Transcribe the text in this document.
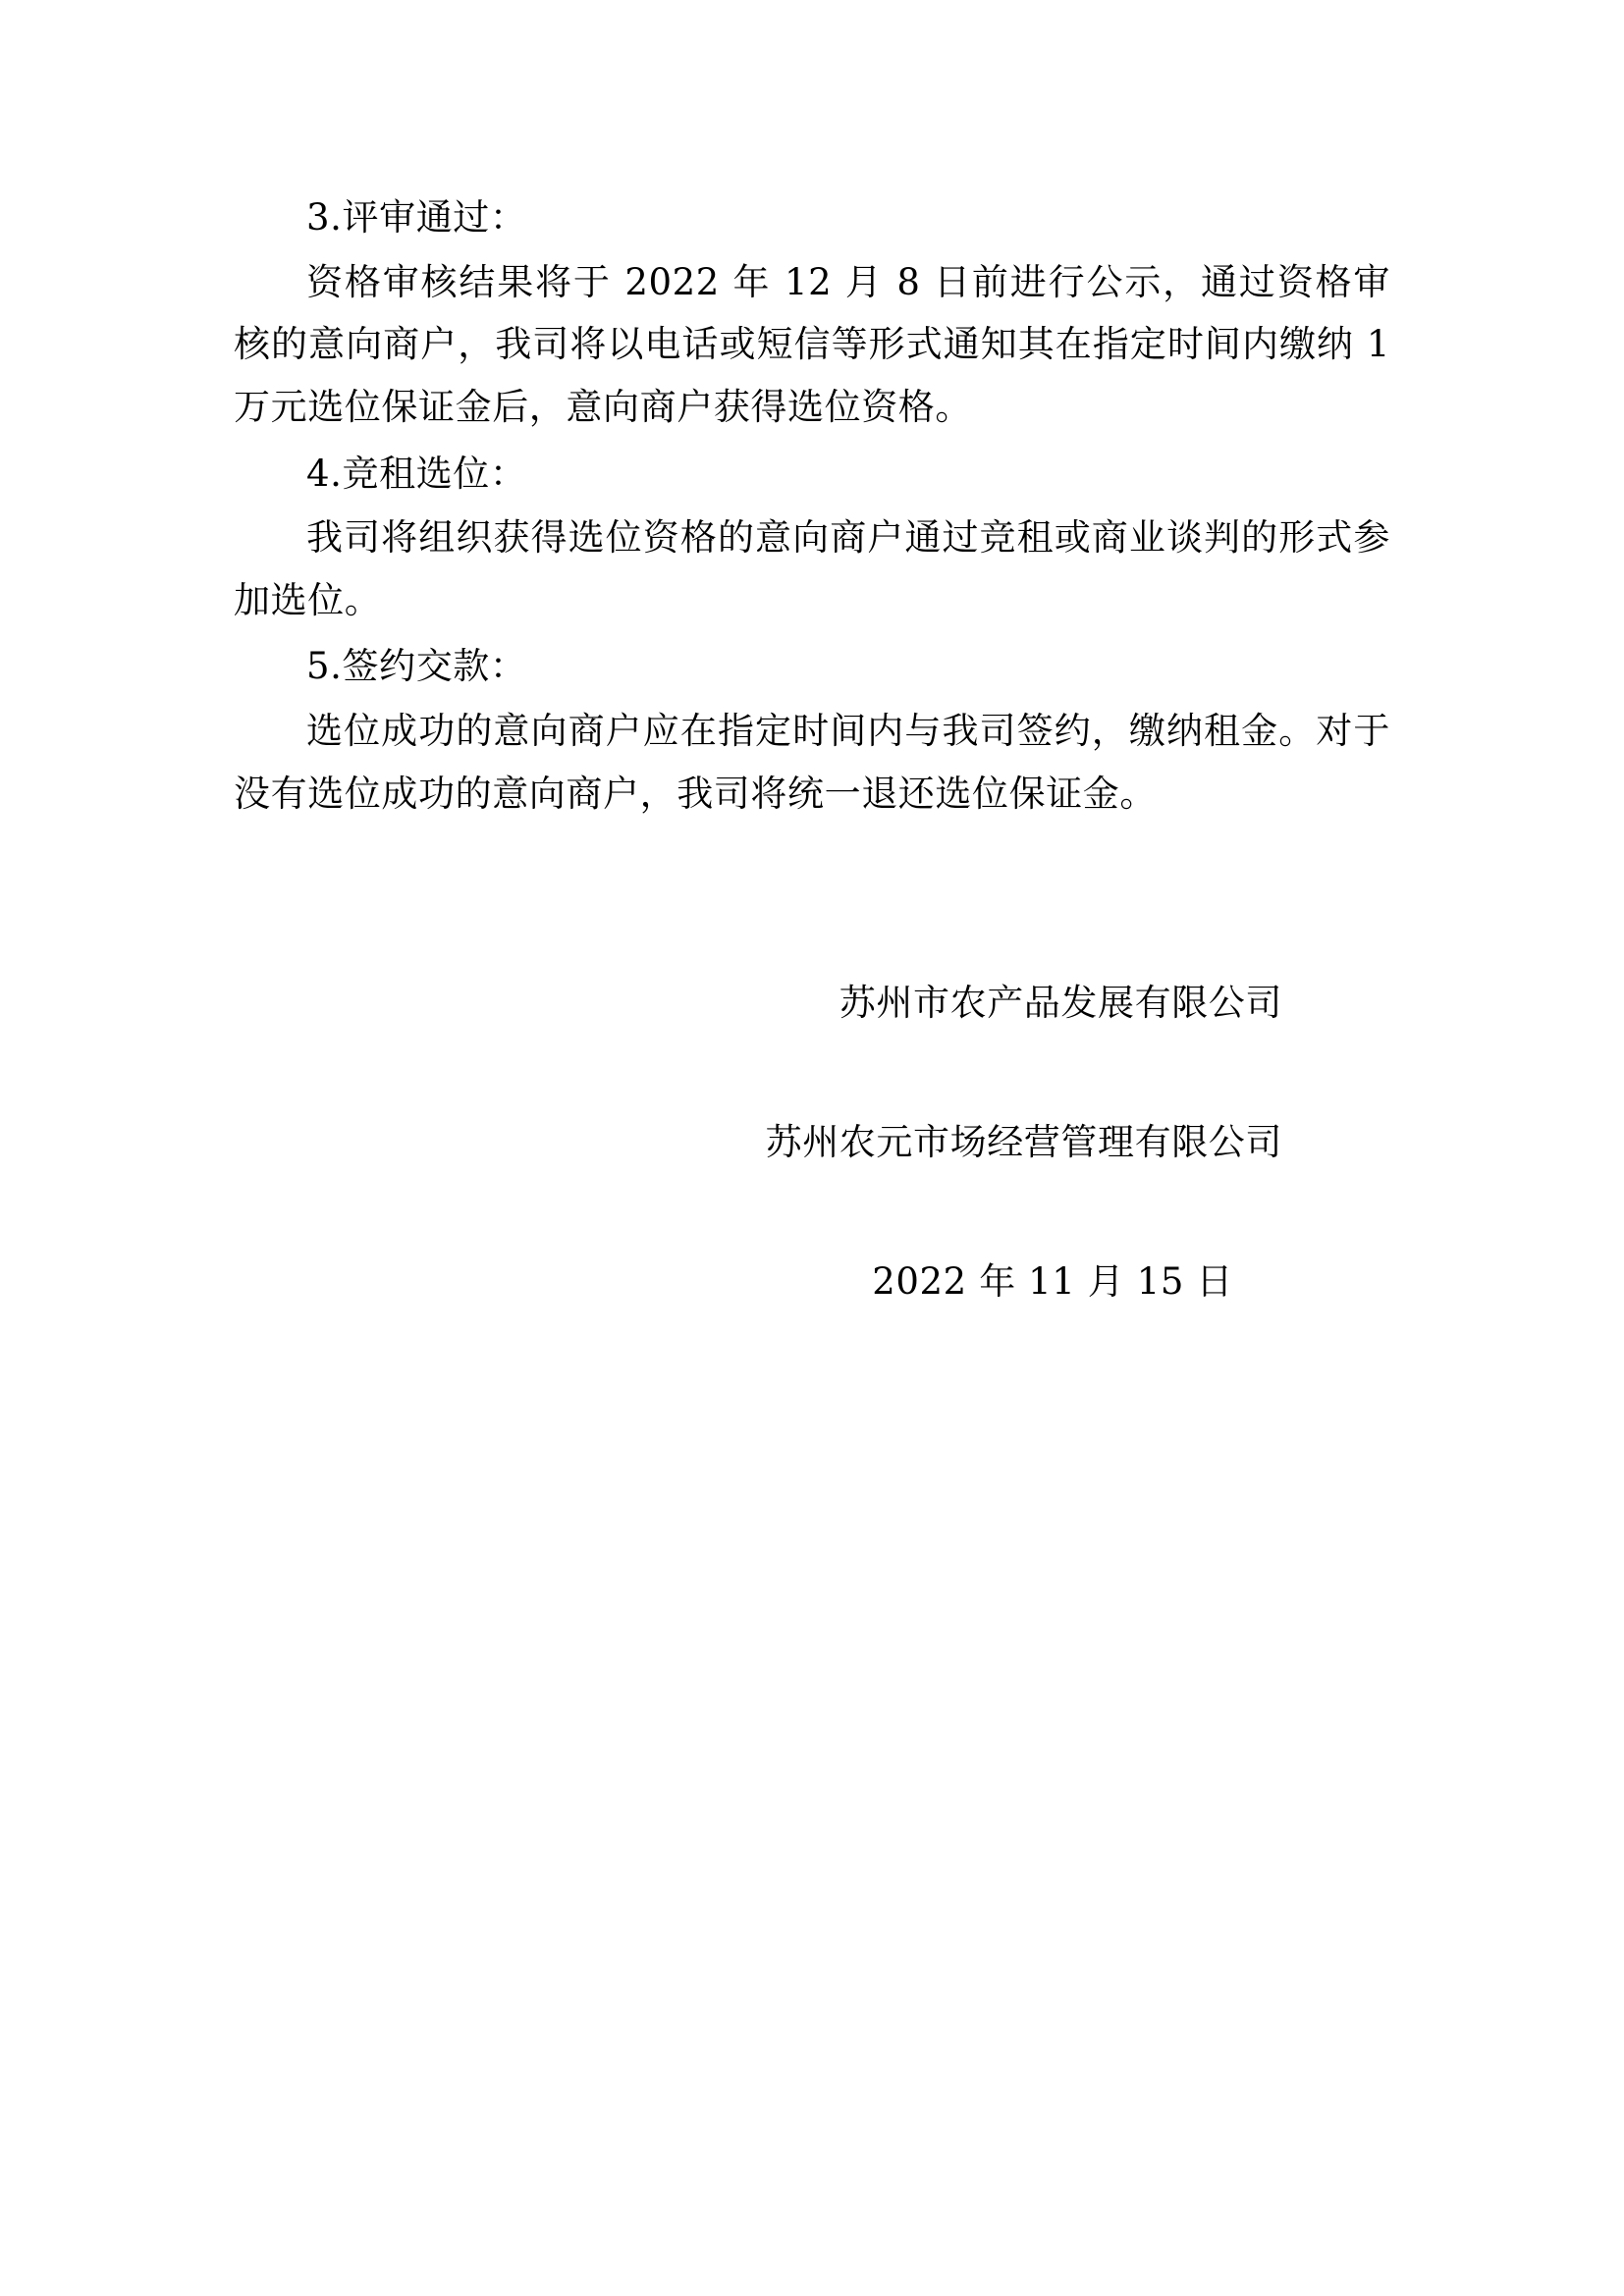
3.评审通过：

资格审核结果将于 2022 年 12 月 8 日前进行公示，通过资格审核的意向商户，我司将以电话或短信等形式通知其在指定时间内缴纳 1 万元选位保证金后，意向商户获得选位资格。

4.竞租选位：

我司将组织获得选位资格的意向商户通过竞租或商业谈判的形式参加选位。

5.签约交款：

选位成功的意向商户应在指定时间内与我司签约，缴纳租金。对于没有选位成功的意向商户，我司将统一退还选位保证金。

苏州市农产品发展有限公司
苏州农元市场经营管理有限公司
2022 年 11 月 15 日
